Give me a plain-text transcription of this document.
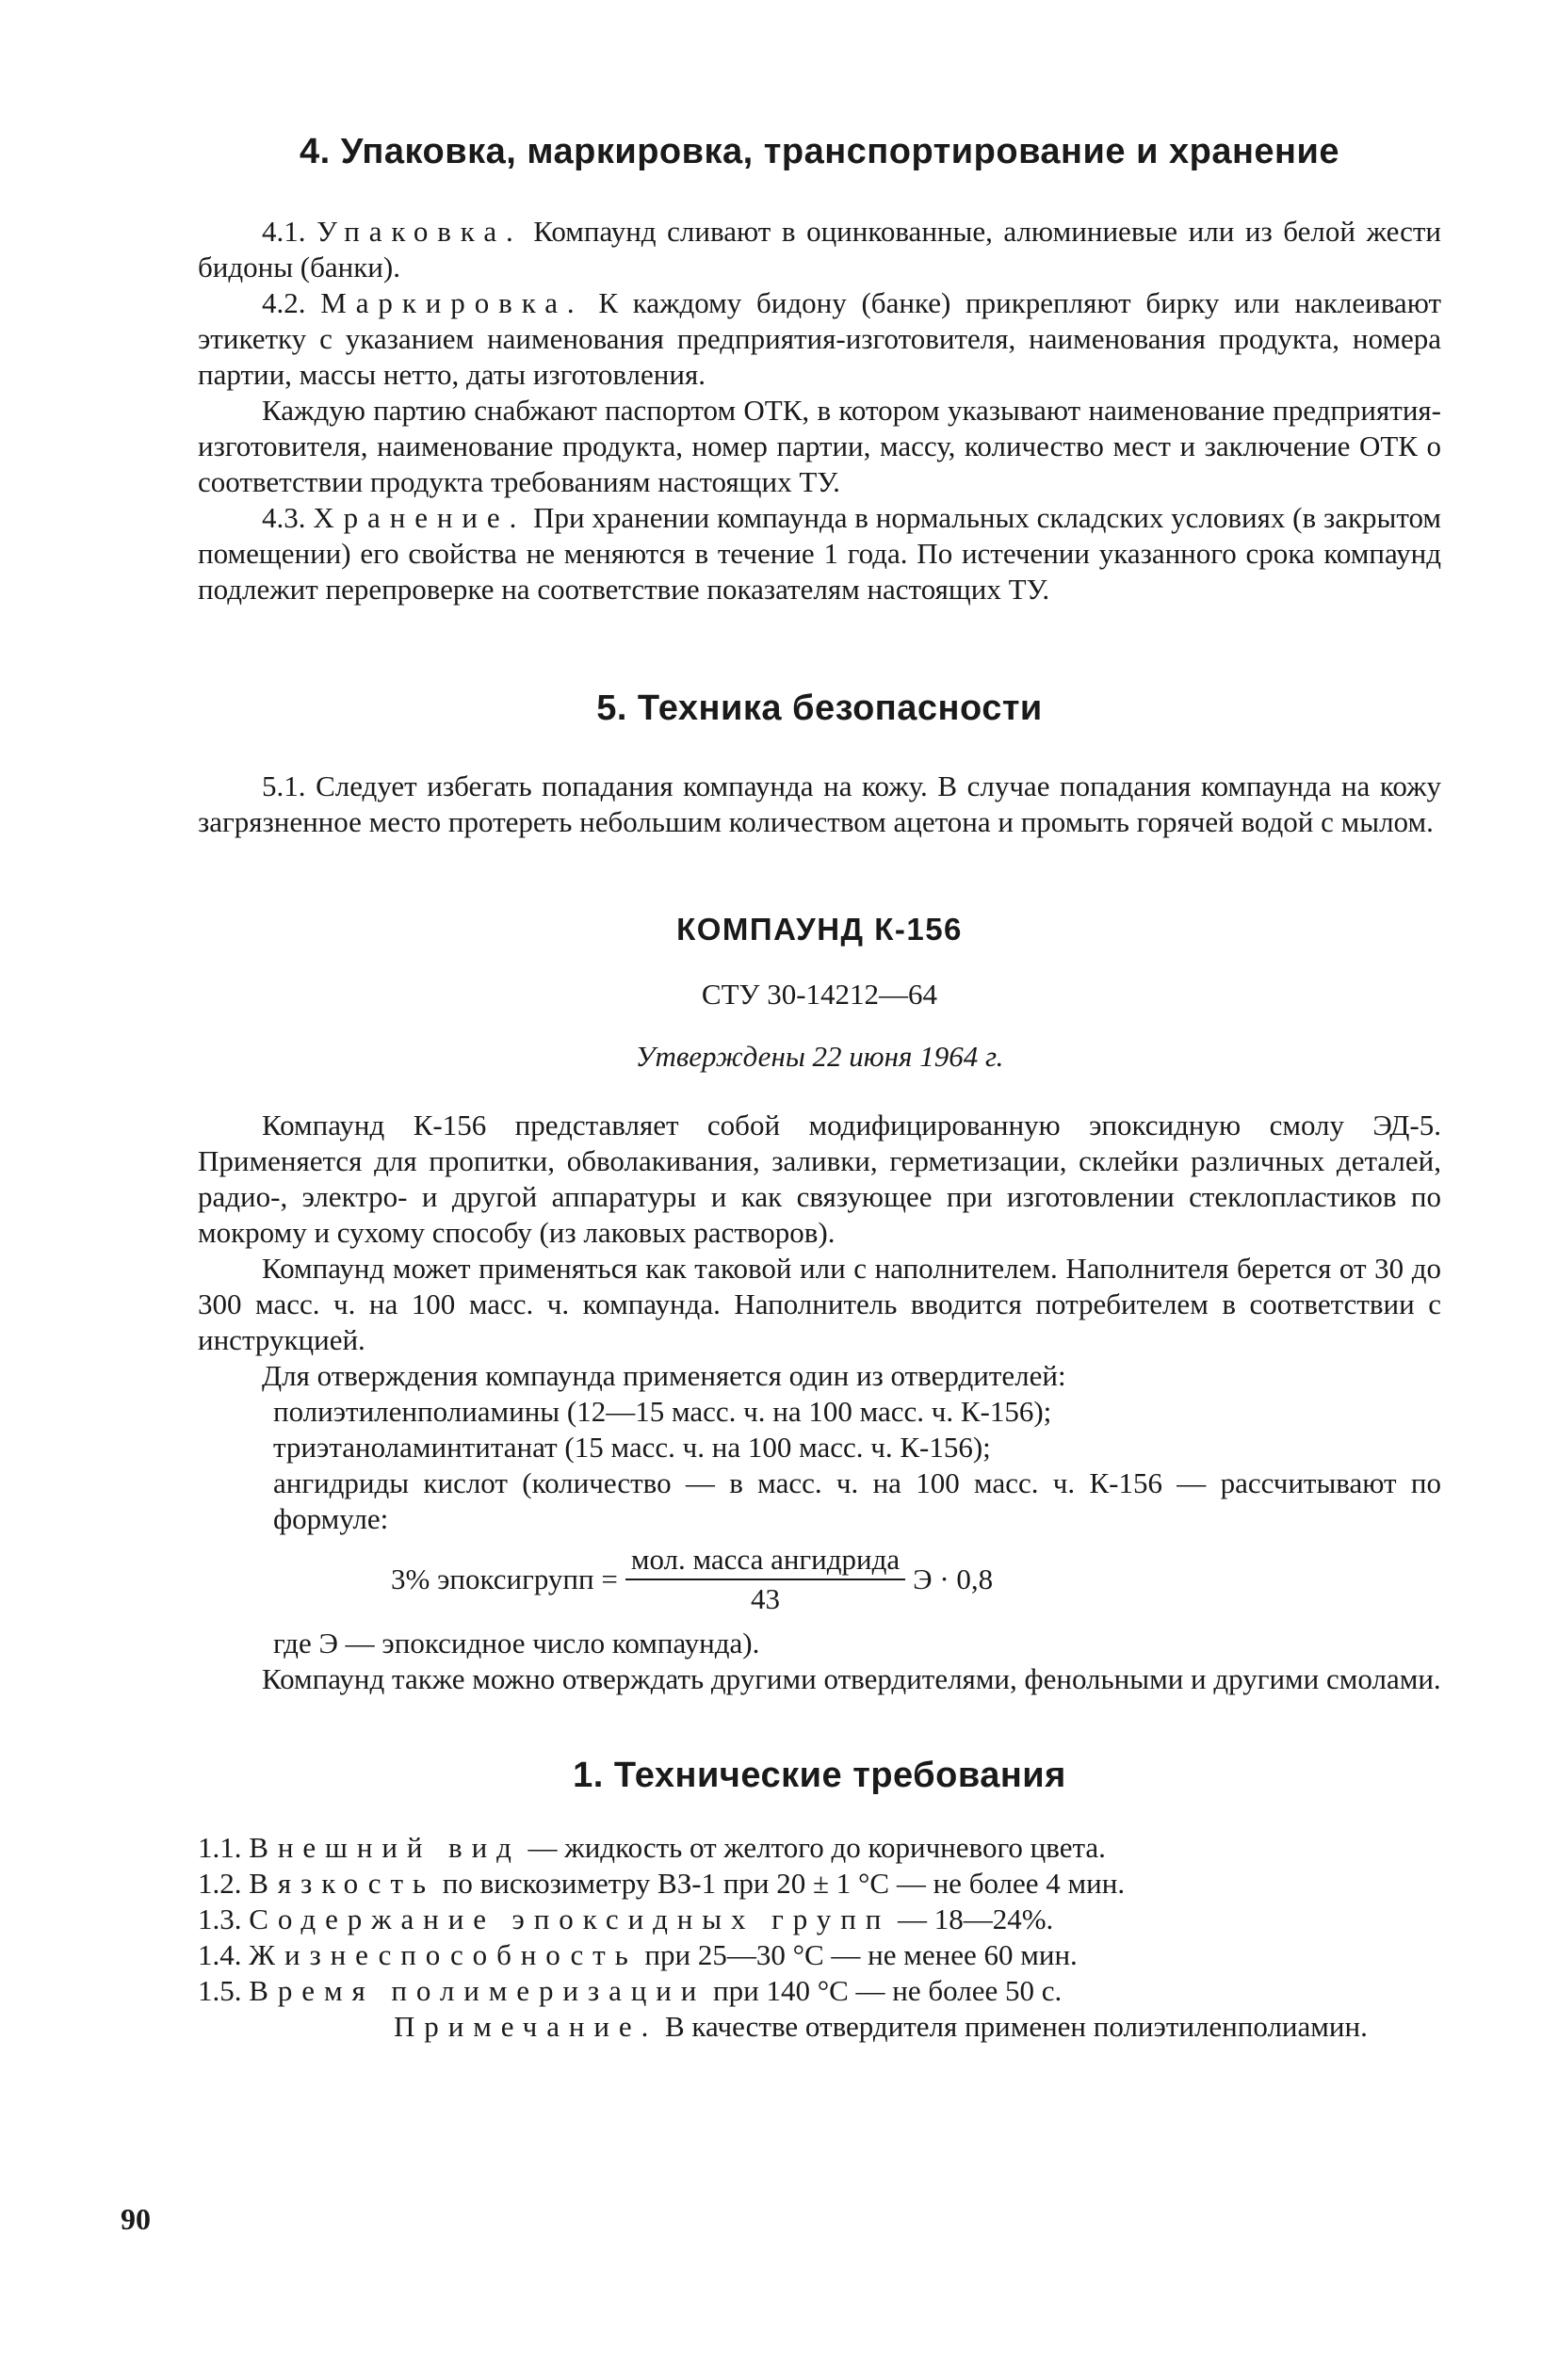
4. Упаковка, маркировка, транспортирование и хранение

4.1. Упаковка. Компаунд сливают в оцинкованные, алюминиевые или из белой жести бидоны (банки).

4.2. Маркировка. К каждому бидону (банке) прикрепляют бирку или наклеивают этикетку с указанием наименования предприятия-изготовителя, наименования продукта, номера партии, массы нетто, даты изготовления.

Каждую партию снабжают паспортом ОТК, в котором указывают наименование предприятия-изготовителя, наименование продукта, номер партии, массу, количество мест и заключение ОТК о соответствии продукта требованиям настоящих ТУ.

4.3. Хранение. При хранении компаунда в нормальных складских условиях (в закрытом помещении) его свойства не меняются в течение 1 года. По истечении указанного срока компаунд подлежит перепроверке на соответствие показателям настоящих ТУ.

5. Техника безопасности

5.1. Следует избегать попадания компаунда на кожу. В случае попадания компаунда на кожу загрязненное место протереть небольшим количеством ацетона и промыть горячей водой с мылом.

КОМПАУНД К-156
СТУ 30-14212—64
Утверждены 22 июня 1964 г.

Компаунд К-156 представляет собой модифицированную эпоксидную смолу ЭД-5. Применяется для пропитки, обволакивания, заливки, герметизации, склейки различных деталей, радио-, электро- и другой аппаратуры и как связующее при изготовлении стеклопластиков по мокрому и сухому способу (из лаковых растворов).

Компаунд может применяться как таковой или с наполнителем. Наполнителя берется от 30 до 300 масс. ч. на 100 масс. ч. компаунда. Наполнитель вводится потребителем в соответствии с инструкцией.

Для отверждения компаунда применяется один из отвердителей:

полиэтиленполиамины (12—15 масс. ч. на 100 масс. ч. К-156);

триэтаноламинтитанат (15 масс. ч. на 100 масс. ч. К-156);

ангидриды кислот (количество — в масс. ч. на 100 масс. ч. К-156 — рассчитывают по формуле:

3% эпоксигрупп = $\frac{\text{мол. масса ангидрида}}{43}$ Э · 0,8

где Э — эпоксидное число компаунда).

Компаунд также можно отверждать другими отвердителями, фенольными и другими смолами.

1. Технические требования

1.1. Внешний вид — жидкость от желтого до коричневого цвета.

1.2. Вязкость по вискозиметру ВЗ-1 при 20 ± 1 °С — не более 4 мин.

1.3. Содержание эпоксидных групп — 18—24%.

1.4. Жизнеспособность при 25—30 °С — не менее 60 мин.

1.5. Время полимеризации при 140 °С — не более 50 с.

Примечание. В качестве отвердителя применен полиэтиленполиамин.

90
